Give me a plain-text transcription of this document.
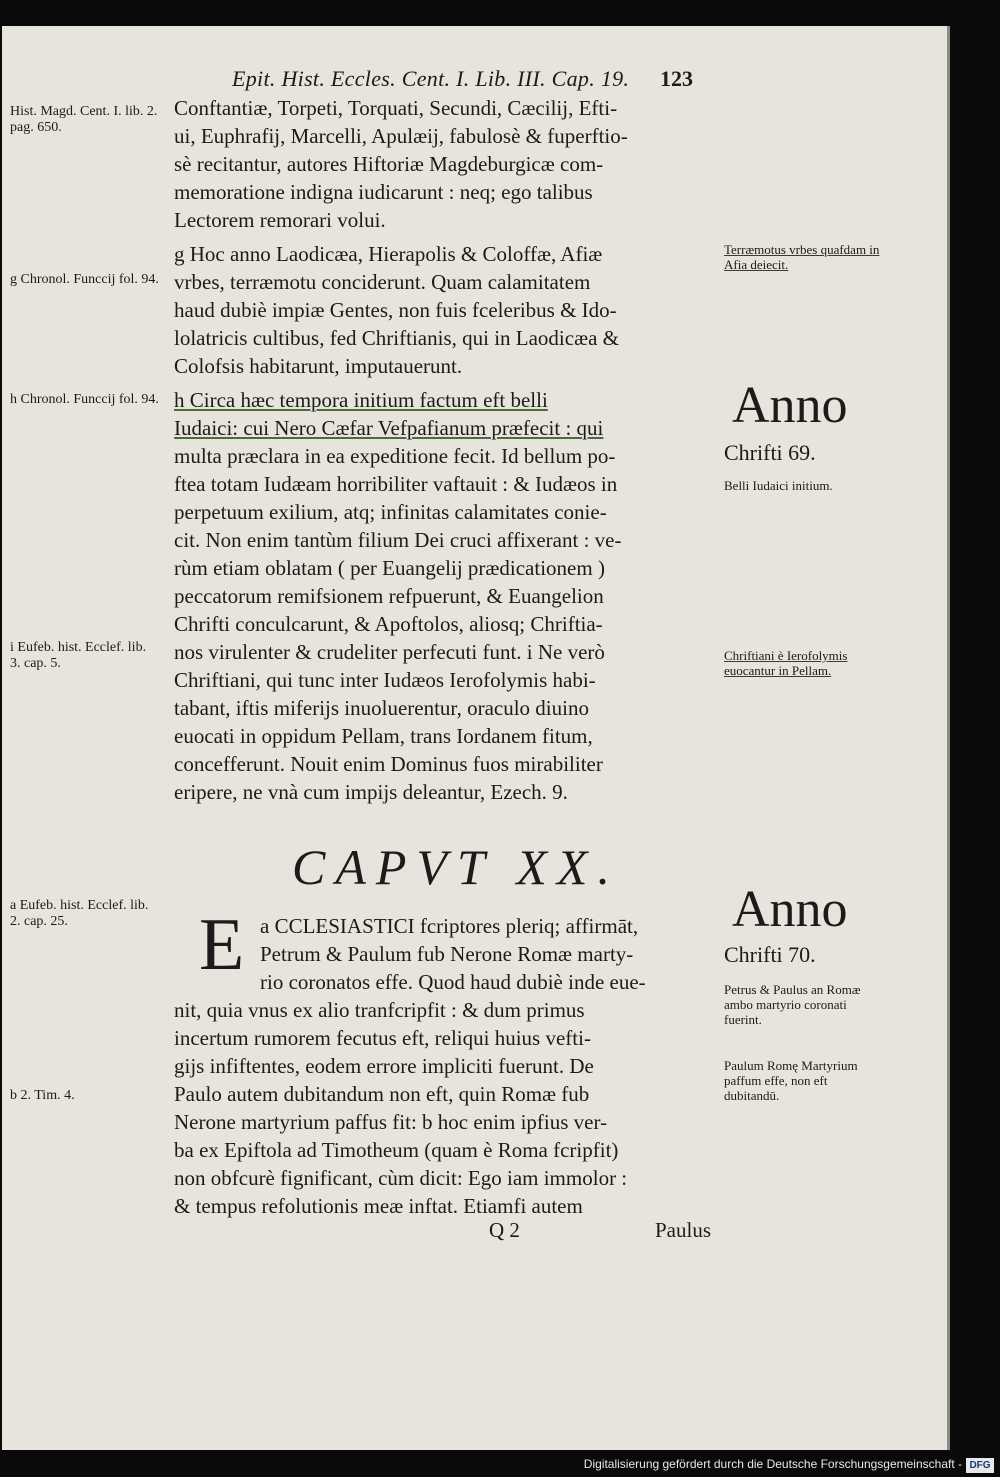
Epit. Hist. Eccles. Cent. I. Lib. III. Cap. 19. 123
Hist. Magd. Cent. I. lib. 2. pag. 650.
g Chronol. Funccij fol. 94.
h Chronol. Funccij fol. 94.
i Eufeb. hist. Ecclef. lib. 3. cap. 5.
a Eufeb. hist. Ecclef. lib. 2. cap. 25.
b 2. Tim. 4.
Terræmotus vrbes quafdam in Afia deiecit.
Anno
Chrifti 69.
Belli Iudaici initium.
Chriftiani è Ierofolymis euocantur in Pellam.
Anno
Chrifti 70.
Petrus & Paulus an Romæ ambo martyrio coronati fuerint.
Paulum Romę Martyrium paffum effe, non eft dubitandū.
Conftantiæ, Torpeti, Torquati, Secundi, Cæcilij, Efti-
ui, Euphrafij, Marcelli, Apulæij, fabulosè & fuperftio-
sè recitantur, autores Hiftoriæ Magdeburgicæ com-
memoratione indigna iudicarunt : neq; ego talibus
Lectorem remorari volui.
g Hoc anno Laodicæa, Hierapolis & Coloffæ, Afiæ
vrbes, terræmotu conciderunt. Quam calamitatem
haud dubiè impiæ Gentes, non fuis fceleribus & Ido-
lolatricis cultibus, fed Chriftianis, qui in Laodicæa &
Colofsis habitarunt, imputauerunt.
h Circa hæc tempora initium factum eft belli
Iudaici: cui Nero Cæfar Vefpafianum præfecit : qui
multa præclara in ea expeditione fecit. Id bellum po-
ftea totam Iudæam horribiliter vaftauit : & Iudæos in
perpetuum exilium, atq; infinitas calamitates conie-
cit. Non enim tantùm filium Dei cruci affixerant : ve-
rùm etiam oblatam ( per Euangelij prædicationem )
peccatorum remifsionem refpuerunt, & Euangelion
Chrifti conculcarunt, & Apoftolos, aliosq; Chriftia-
nos virulenter & crudeliter perfecuti funt. i Ne verò
Chriftiani, qui tunc inter Iudæos Ierofolymis habi-
tabant, iftis miferijs inuoluerentur, oraculo diuino
euocati in oppidum Pellam, trans Iordanem fitum,
concefferunt. Nouit enim Dominus fuos mirabiliter
eripere, ne vnà cum impijs deleantur, Ezech. 9.
CAPVT XX.
E a CCLESIASTICI fcriptores pleriq; affirmāt,
Petrum & Paulum fub Nerone Romæ marty-
rio coronatos effe. Quod haud dubiè inde eue-
nit, quia vnus ex alio tranfcripfit : & dum primus
incertum rumorem fecutus eft, reliqui huius vefti-
gijs infiftentes, eodem errore impliciti fuerunt. De
Paulo autem dubitandum non eft, quin Romæ fub
Nerone martyrium paffus fit: b hoc enim ipfius ver-
ba ex Epiftola ad Timotheum (quam è Roma fcripfit)
non obfcurè fignificant, cùm dicit: Ego iam immolor :
& tempus refolutionis meæ inftat. Etiamfi autem
Q 2	Paulus
Digitalisierung gefördert durch die Deutsche Forschungsgemeinschaft - DFG
